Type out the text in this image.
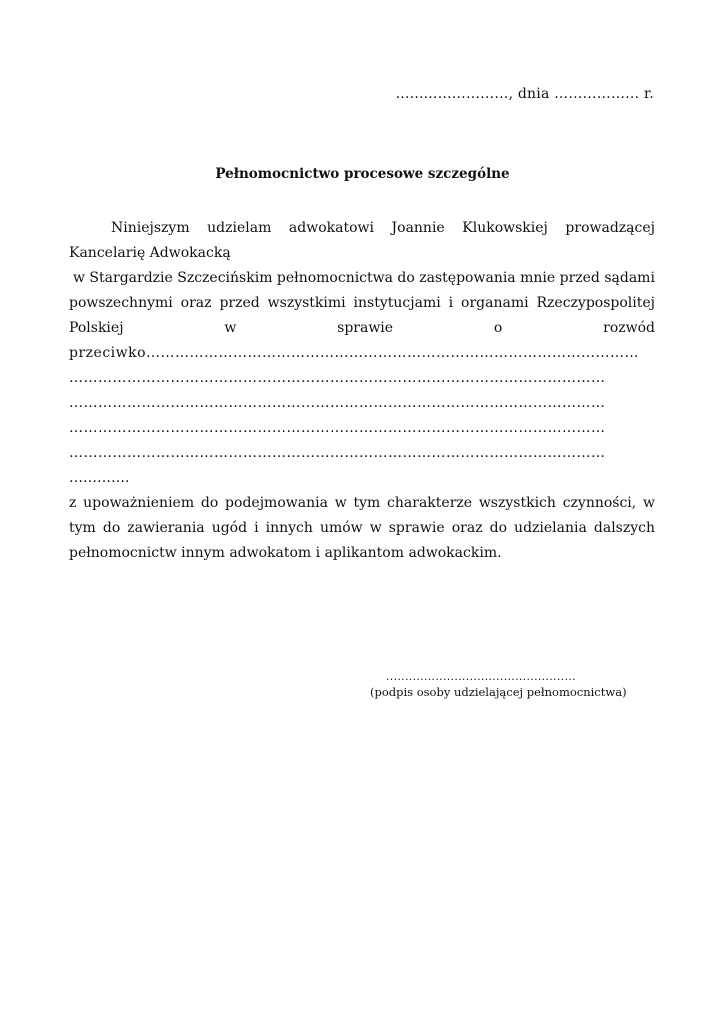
…......……………, dnia ……………… r.
Pełnomocnictwo procesowe szczególne
Niniejszym udzielam adwokatowi Joannie Klukowskiej prowadzącej
Kancelarię Adwokacką
w Stargardzie Szczecińskim pełnomocnictwa do zastępowania mnie przed sądami
powszechnymi oraz przed wszystkimi instytucjami i organami Rzeczypospolitej
Polskiej w sprawie o rozwód
przeciwko…………………………………………………………………………………………
…………………………………………………………………………………………………
…………………………………………………………………………………………………
…………………………………………………………………………………………………
…………………………………………………………………………………………………
………….
z upoważnieniem do podejmowania w tym charakterze wszystkich czynności, w
tym do zawierania ugód i innych umów w sprawie oraz do udzielania dalszych
pełnomocnictw innym adwokatom i aplikantom adwokackim.
..................................................
(podpis osoby udzielającej pełnomocnictwa)
